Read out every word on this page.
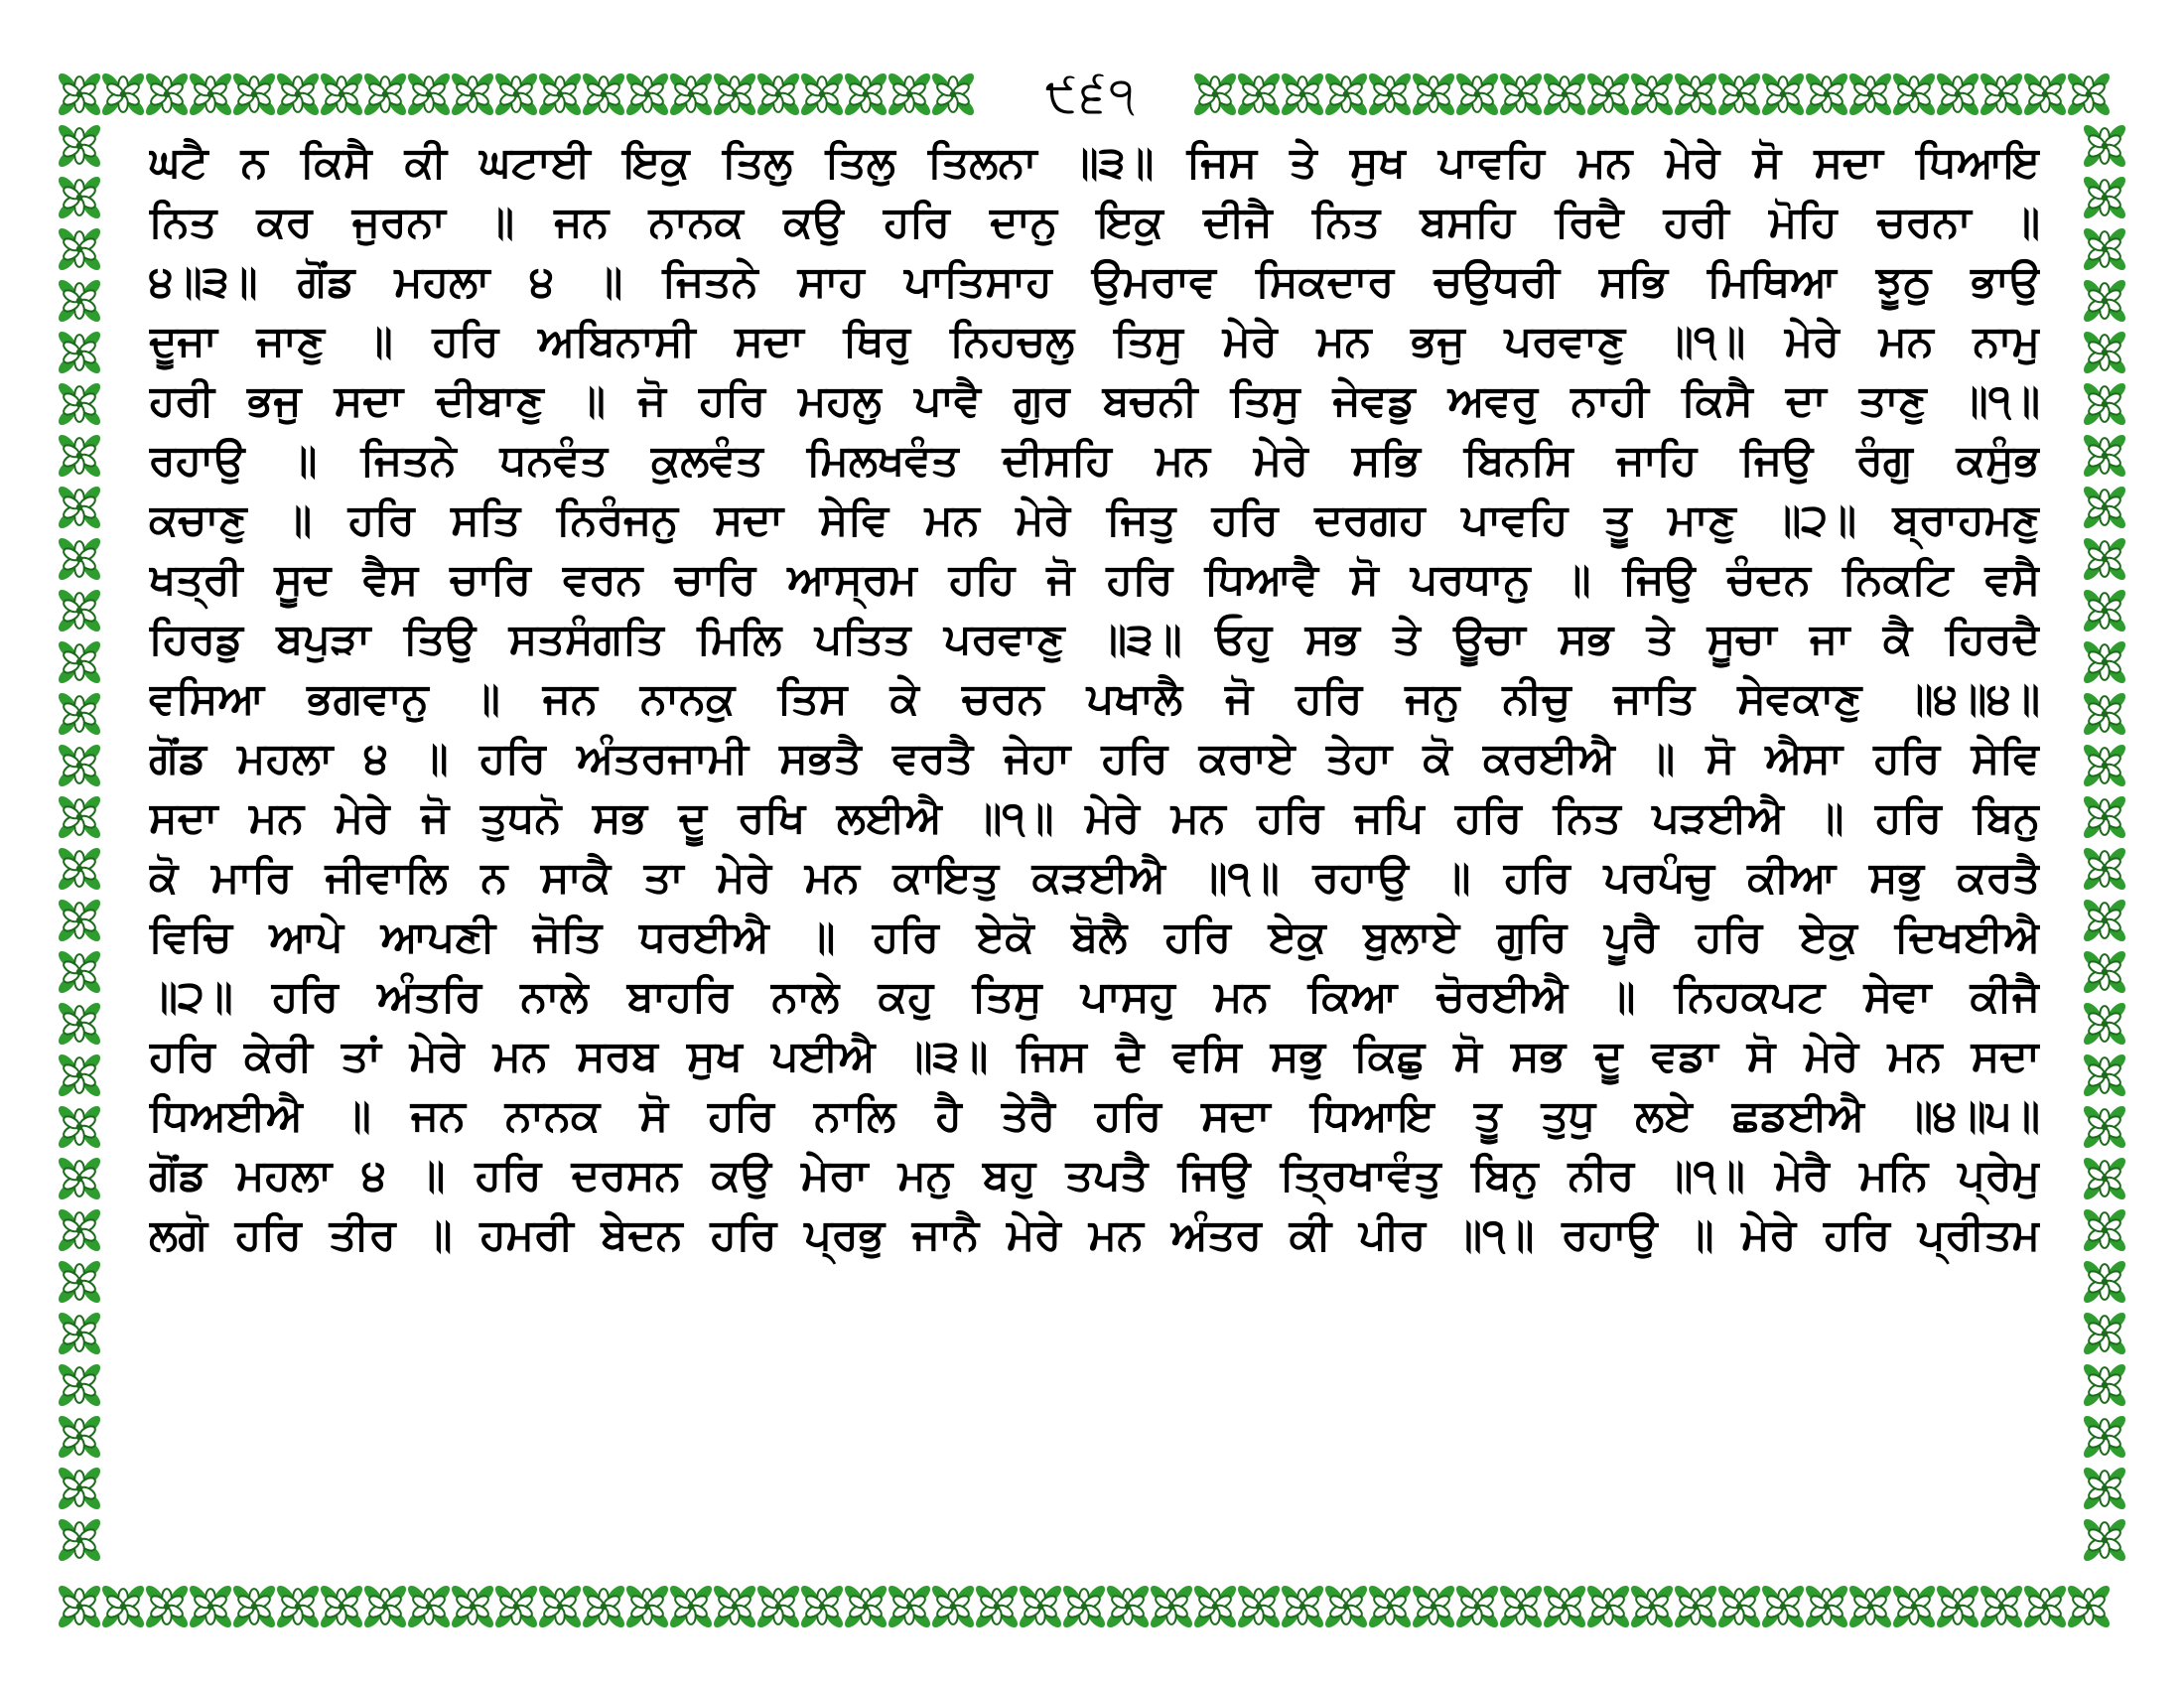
੯੬੧
ਘਟੈ ਨ ਕਿਸੈ ਕੀ ਘਟਾਈ ਇਕੁ ਤਿਲੁ ਤਿਲੁ ਤਿਲਨਾ ॥੩॥ ਜਿਸ ਤੇ ਸੁਖ ਪਾਵਹਿ ਮਨ ਮੇਰੇ ਸੋ ਸਦਾ ਧਿਆਇ
ਨਿਤ ਕਰ ਜੁਰਨਾ ॥ ਜਨ ਨਾਨਕ ਕਉ ਹਰਿ ਦਾਨੁ ਇਕੁ ਦੀਜੈ ਨਿਤ ਬਸਹਿ ਰਿਦੈ ਹਰੀ ਮੋਹਿ ਚਰਨਾ ॥
੪॥੩॥ ਗੋਂਡ ਮਹਲਾ ੪ ॥ ਜਿਤਨੇ ਸਾਹ ਪਾਤਿਸਾਹ ਉਮਰਾਵ ਸਿਕਦਾਰ ਚਉਧਰੀ ਸਭਿ ਮਿਥਿਆ ਝੂਠੁ ਭਾਉ
ਦੂਜਾ ਜਾਣੁ ॥ ਹਰਿ ਅਬਿਨਾਸੀ ਸਦਾ ਥਿਰੁ ਨਿਹਚਲੁ ਤਿਸੁ ਮੇਰੇ ਮਨ ਭਜੁ ਪਰਵਾਣੁ ॥੧॥ ਮੇਰੇ ਮਨ ਨਾਮੁ
ਹਰੀ ਭਜੁ ਸਦਾ ਦੀਬਾਣੁ ॥ ਜੋ ਹਰਿ ਮਹਲੁ ਪਾਵੈ ਗੁਰ ਬਚਨੀ ਤਿਸੁ ਜੇਵਡੁ ਅਵਰੁ ਨਾਹੀ ਕਿਸੈ ਦਾ ਤਾਣੁ ॥੧॥
ਰਹਾਉ ॥ ਜਿਤਨੇ ਧਨਵੰਤ ਕੁਲਵੰਤ ਮਿਲਖਵੰਤ ਦੀਸਹਿ ਮਨ ਮੇਰੇ ਸਭਿ ਬਿਨਸਿ ਜਾਹਿ ਜਿਉ ਰੰਗੁ ਕਸੁੰਭ
ਕਚਾਣੁ ॥ ਹਰਿ ਸਤਿ ਨਿਰੰਜਨੁ ਸਦਾ ਸੇਵਿ ਮਨ ਮੇਰੇ ਜਿਤੁ ਹਰਿ ਦਰਗਹ ਪਾਵਹਿ ਤੂ ਮਾਣੁ ॥੨॥ ਬ੍ਰਾਹਮਣੁ
ਖਤ੍ਰੀ ਸੂਦ ਵੈਸ ਚਾਰਿ ਵਰਨ ਚਾਰਿ ਆਸ੍ਰਮ ਹਹਿ ਜੋ ਹਰਿ ਧਿਆਵੈ ਸੋ ਪਰਧਾਨੁ ॥ ਜਿਉ ਚੰਦਨ ਨਿਕਟਿ ਵਸੈ
ਹਿਰਡੁ ਬਪੁੜਾ ਤਿਉ ਸਤਸੰਗਤਿ ਮਿਲਿ ਪਤਿਤ ਪਰਵਾਣੁ ॥੩॥ ਓਹੁ ਸਭ ਤੇ ਊਚਾ ਸਭ ਤੇ ਸੂਚਾ ਜਾ ਕੈ ਹਿਰਦੈ
ਵਸਿਆ ਭਗਵਾਨੁ ॥ ਜਨ ਨਾਨਕੁ ਤਿਸ ਕੇ ਚਰਨ ਪਖਾਲੈ ਜੋ ਹਰਿ ਜਨੁ ਨੀਚੁ ਜਾਤਿ ਸੇਵਕਾਣੁ ॥੪॥੪॥
ਗੋਂਡ ਮਹਲਾ ੪ ॥ ਹਰਿ ਅੰਤਰਜਾਮੀ ਸਭਤੈ ਵਰਤੈ ਜੇਹਾ ਹਰਿ ਕਰਾਏ ਤੇਹਾ ਕੋ ਕਰਈਐ ॥ ਸੋ ਐਸਾ ਹਰਿ ਸੇਵਿ
ਸਦਾ ਮਨ ਮੇਰੇ ਜੋ ਤੁਧਨੋ ਸਭ ਦੂ ਰਖਿ ਲਈਐ ॥੧॥ ਮੇਰੇ ਮਨ ਹਰਿ ਜਪਿ ਹਰਿ ਨਿਤ ਪੜਈਐ ॥ ਹਰਿ ਬਿਨੁ
ਕੋ ਮਾਰਿ ਜੀਵਾਲਿ ਨ ਸਾਕੈ ਤਾ ਮੇਰੇ ਮਨ ਕਾਇਤੁ ਕੜਈਐ ॥੧॥ ਰਹਾਉ ॥ ਹਰਿ ਪਰਪੰਚੁ ਕੀਆ ਸਭੁ ਕਰਤੈ
ਵਿਚਿ ਆਪੇ ਆਪਣੀ ਜੋਤਿ ਧਰਈਐ ॥ ਹਰਿ ਏਕੋ ਬੋਲੈ ਹਰਿ ਏਕੁ ਬੁਲਾਏ ਗੁਰਿ ਪੂਰੈ ਹਰਿ ਏਕੁ ਦਿਖਈਐ
॥੨॥ ਹਰਿ ਅੰਤਰਿ ਨਾਲੇ ਬਾਹਰਿ ਨਾਲੇ ਕਹੁ ਤਿਸੁ ਪਾਸਹੁ ਮਨ ਕਿਆ ਚੋਰਈਐ ॥ ਨਿਹਕਪਟ ਸੇਵਾ ਕੀਜੈ
ਹਰਿ ਕੇਰੀ ਤਾਂ ਮੇਰੇ ਮਨ ਸਰਬ ਸੁਖ ਪਈਐ ॥੩॥ ਜਿਸ ਦੈ ਵਸਿ ਸਭੁ ਕਿਛੁ ਸੋ ਸਭ ਦੂ ਵਡਾ ਸੋ ਮੇਰੇ ਮਨ ਸਦਾ
ਧਿਅਈਐ ॥ ਜਨ ਨਾਨਕ ਸੋ ਹਰਿ ਨਾਲਿ ਹੈ ਤੇਰੈ ਹਰਿ ਸਦਾ ਧਿਆਇ ਤੂ ਤੁਧੁ ਲਏ ਛਡਈਐ ॥੪॥੫॥
ਗੋਂਡ ਮਹਲਾ ੪ ॥ ਹਰਿ ਦਰਸਨ ਕਉ ਮੇਰਾ ਮਨੁ ਬਹੁ ਤਪਤੈ ਜਿਉ ਤ੍ਰਿਖਾਵੰਤੁ ਬਿਨੁ ਨੀਰ ॥੧॥ ਮੇਰੈ ਮਨਿ ਪ੍ਰੇਮੁ
ਲਗੋ ਹਰਿ ਤੀਰ ॥ ਹਮਰੀ ਬੇਦਨ ਹਰਿ ਪ੍ਰਭੁ ਜਾਨੈ ਮੇਰੇ ਮਨ ਅੰਤਰ ਕੀ ਪੀਰ ॥੧॥ ਰਹਾਉ ॥ ਮੇਰੇ ਹਰਿ ਪ੍ਰੀਤਮ
